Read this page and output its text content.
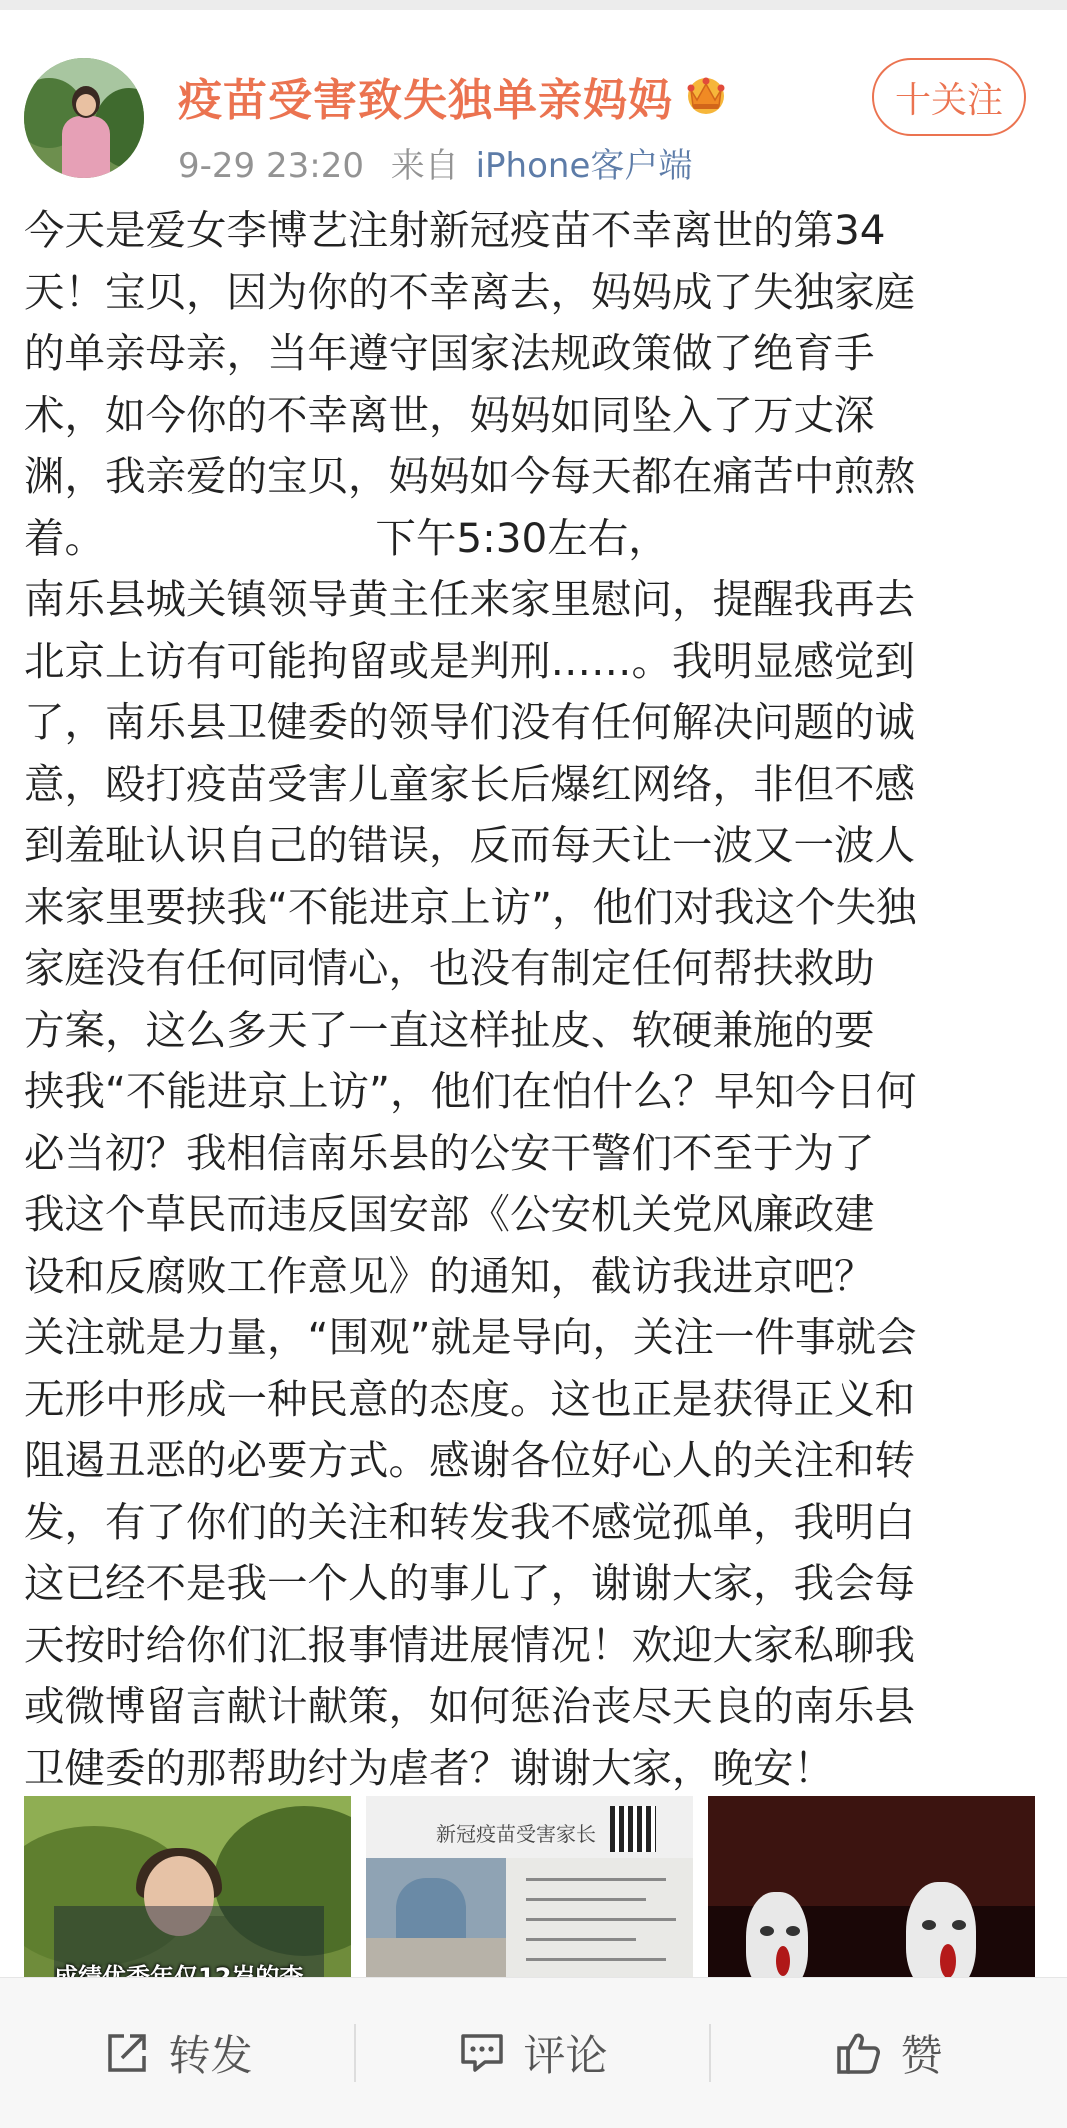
疫苗受害致失独单亲妈妈
9-29 23:20 来自 iPhone客户端
十关注
今天是爱女李博艺注射新冠疫苗不幸离世的第34
天！宝贝，因为你的不幸离去，妈妈成了失独家庭
的单亲母亲，当年遵守国家法规政策做了绝育手
术，如今你的不幸离世，妈妈如同坠入了万丈深
渊，我亲爱的宝贝，妈妈如今每天都在痛苦中煎熬
着。                     下午5:30左右，
南乐县城关镇领导黄主任来家里慰问，提醒我再去
北京上访有可能拘留或是判刑……。我明显感觉到
了，南乐县卫健委的领导们没有任何解决问题的诚
意，殴打疫苗受害儿童家长后爆红网络，非但不感
到羞耻认识自己的错误，反而每天让一波又一波人
来家里要挟我“不能进京上访”，他们对我这个失独
家庭没有任何同情心，也没有制定任何帮扶救助
方案，这么多天了一直这样扯皮、软硬兼施的要
挟我“不能进京上访”，他们在怕什么？早知今日何
必当初？我相信南乐县的公安干警们不至于为了
我这个草民而违反国安部《公安机关党风廉政建
设和反腐败工作意见》的通知，截访我进京吧？
关注就是力量，“围观”就是导向，关注一件事就会
无形中形成一种民意的态度。这也正是获得正义和
阻遏丑恶的必要方式。感谢各位好心人的关注和转
发，有了你们的关注和转发我不感觉孤单，我明白
这已经不是我一个人的事儿了，谢谢大家，我会每
天按时给你们汇报事情进展情况！欢迎大家私聊我
或微博留言献计献策，如何惩治丧尽天良的南乐县
卫健委的那帮助纣为虐者？谢谢大家，晚安！

新冠疫苗受害家长
转发	评论	赞
